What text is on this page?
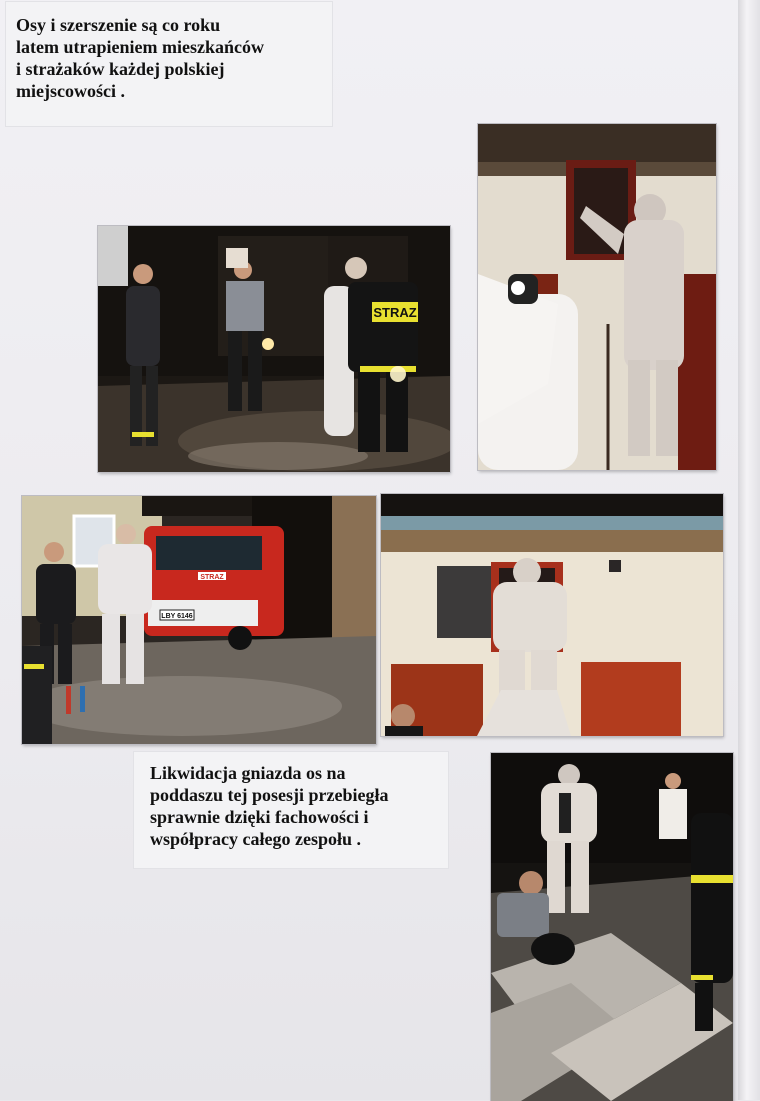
Osy i szerszenie są co roku
latem utrapieniem mieszkańców
i strażaków każdej polskiej
miejscowości .
STRAZ
STRAZ
LBY 6146
Likwidacja gniazda os na
poddaszu tej posesji przebiegła
sprawnie dzięki fachowości i
współpracy całego zespołu .
